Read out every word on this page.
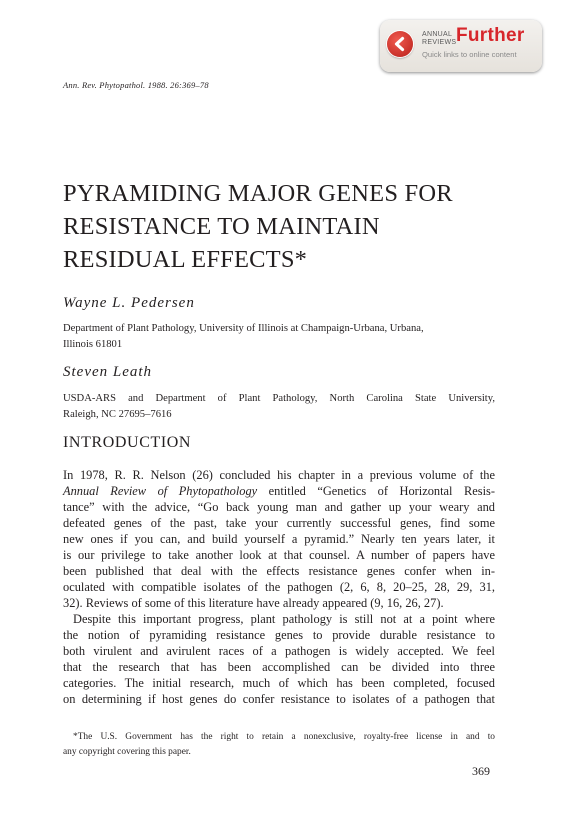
ANNUAL
REVIEWS Further
Quick links to online content
Ann. Rev. Phytopathol. 1988. 26:369–78
PYRAMIDING MAJOR GENES FOR
RESISTANCE TO MAINTAIN
RESIDUAL EFFECTS*
Wayne L. Pedersen
Department of Plant Pathology, University of Illinois at Champaign-Urbana, Urbana,
Illinois 61801
Steven Leath
USDA-ARS and Department of Plant Pathology, North Carolina State University,
Raleigh, NC 27695–7616
INTRODUCTION
In 1978, R. R. Nelson (26) concluded his chapter in a previous volume of the
Annual Review of Phytopathology entitled “Genetics of Horizontal Resis-
tance” with the advice, “Go back young man and gather up your weary and
defeated genes of the past, take your currently successful genes, find some
new ones if you can, and build yourself a pyramid.” Nearly ten years later, it
is our privilege to take another look at that counsel. A number of papers have
been published that deal with the effects resistance genes confer when in-
oculated with compatible isolates of the pathogen (2, 6, 8, 20–25, 28, 29, 31,
32). Reviews of some of this literature have already appeared (9, 16, 26, 27).
Despite this important progress, plant pathology is still not at a point where
the notion of pyramiding resistance genes to provide durable resistance to
both virulent and avirulent races of a pathogen is widely accepted. We feel
that the research that has been accomplished can be divided into three
categories. The initial research, much of which has been completed, focused
on determining if host genes do confer resistance to isolates of a pathogen that
*The U.S. Government has the right to retain a nonexclusive, royalty-free license in and to
any copyright covering this paper.
369
